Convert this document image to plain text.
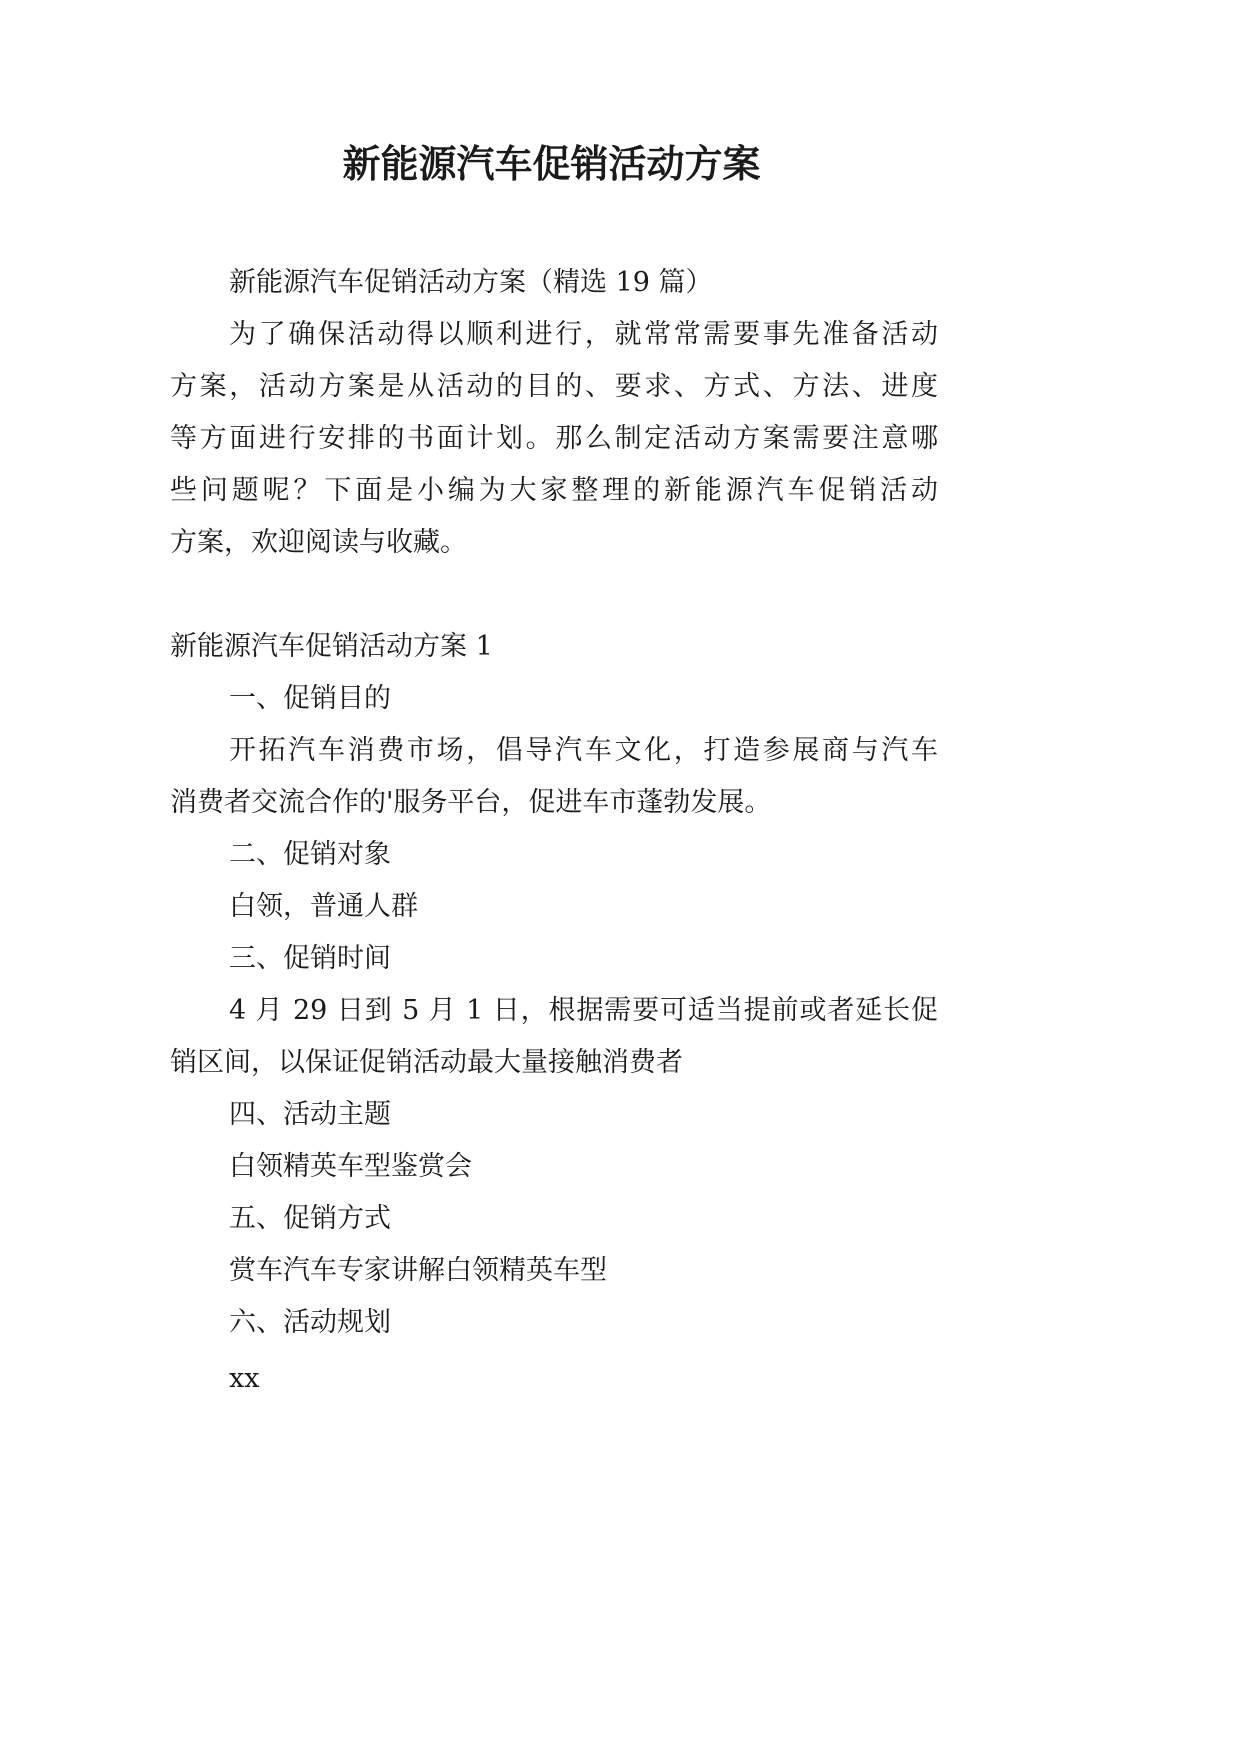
新能源汽车促销活动方案

新能源汽车促销活动方案（精选 19 篇）

为了确保活动得以顺利进行，就常常需要事先准备活动

方案，活动方案是从活动的目的、要求、方式、方法、进度

等方面进行安排的书面计划。那么制定活动方案需要注意哪

些问题呢？下面是小编为大家整理的新能源汽车促销活动

方案，欢迎阅读与收藏。

新能源汽车促销活动方案 1

一、促销目的

开拓汽车消费市场，倡导汽车文化，打造参展商与汽车

消费者交流合作的'服务平台，促进车市蓬勃发展。

二、促销对象

白领，普通人群

三、促销时间

4 月 29 日到 5 月 1 日，根据需要可适当提前或者延长促

销区间，以保证促销活动最大量接触消费者

四、活动主题

白领精英车型鉴赏会

五、促销方式

赏车汽车专家讲解白领精英车型

六、活动规划

xx
